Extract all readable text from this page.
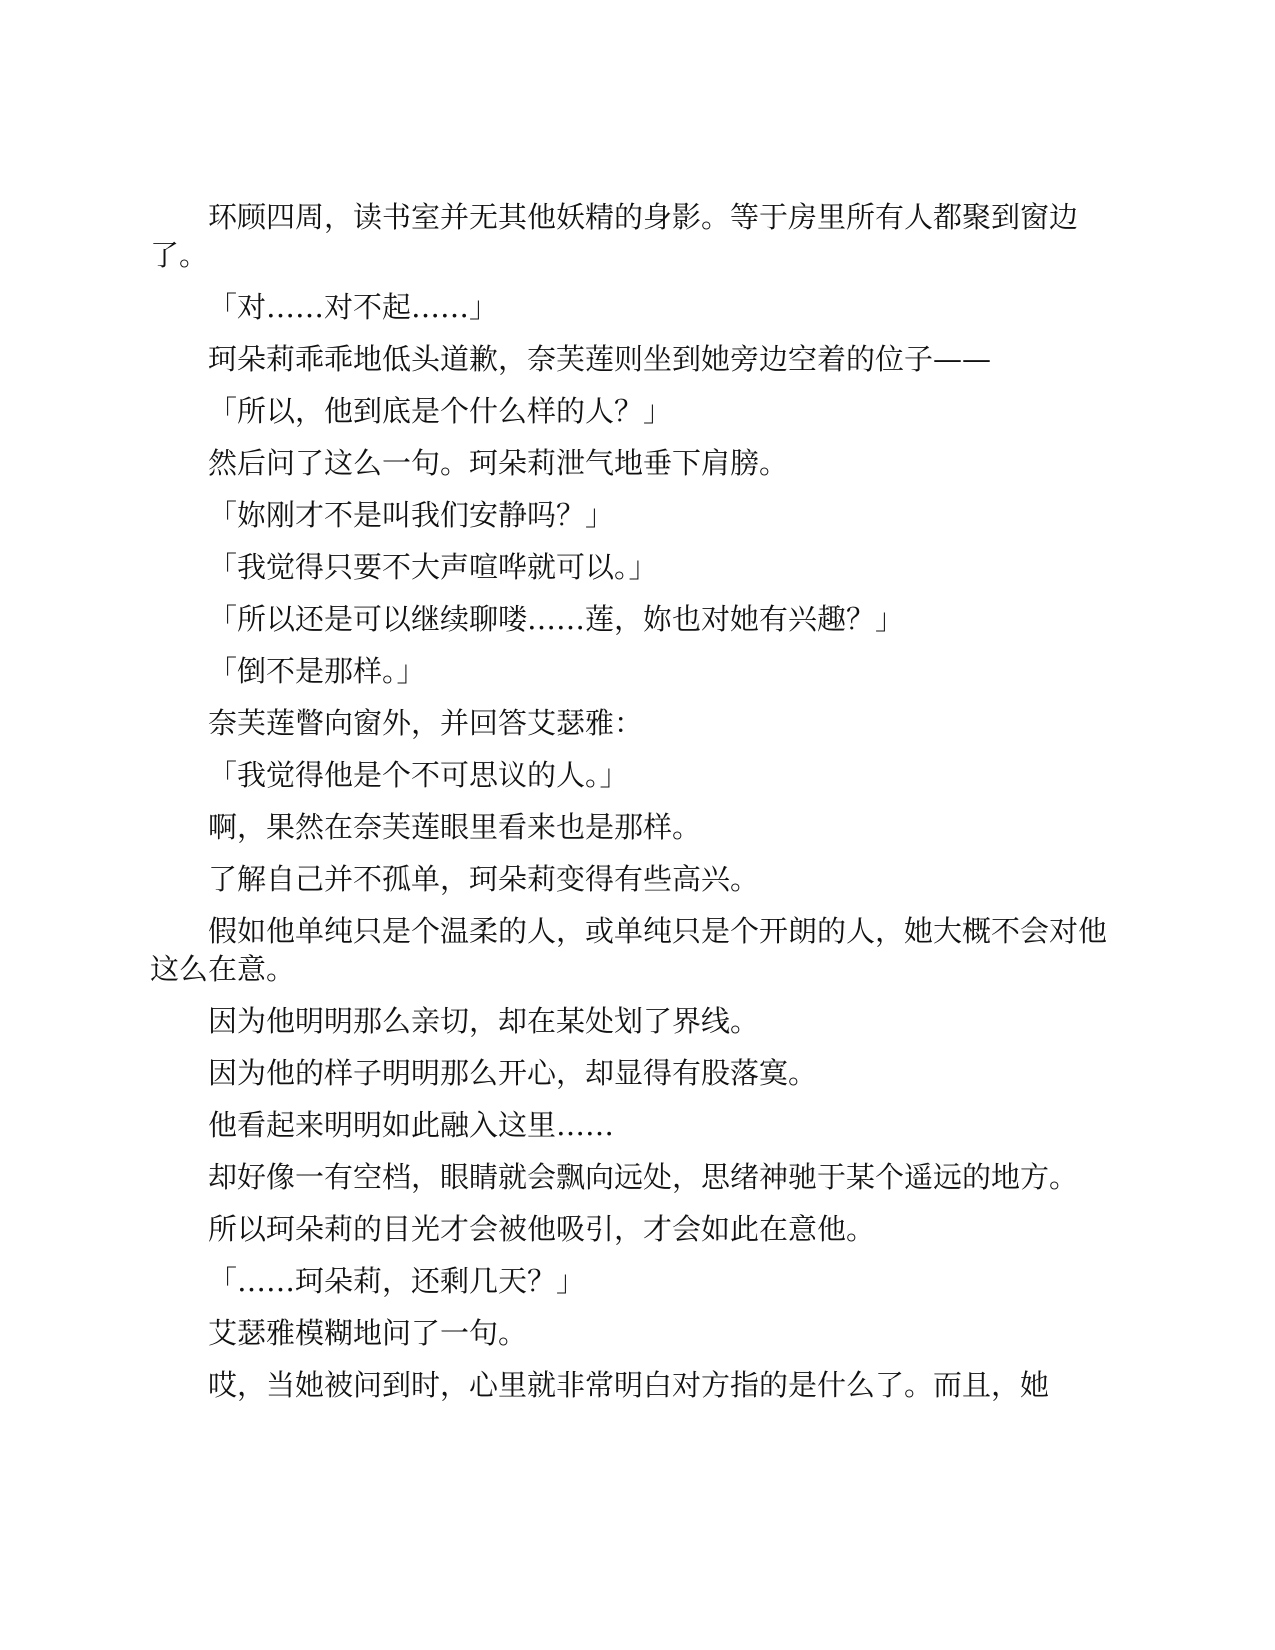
环顾四周，读书室并无其他妖精的身影。等于房里所有人都聚到窗边了。

「对……对不起……」

珂朵莉乖乖地低头道歉，奈芙莲则坐到她旁边空着的位子——

「所以，他到底是个什么样的人？」

然后问了这么一句。珂朵莉泄气地垂下肩膀。

「妳刚才不是叫我们安静吗？」

「我觉得只要不大声喧哗就可以。」

「所以还是可以继续聊喽……莲，妳也对她有兴趣？」

「倒不是那样。」

奈芙莲瞥向窗外，并回答艾瑟雅：

「我觉得他是个不可思议的人。」

啊，果然在奈芙莲眼里看来也是那样。

了解自己并不孤单，珂朵莉变得有些高兴。

假如他单纯只是个温柔的人，或单纯只是个开朗的人，她大概不会对他这么在意。

因为他明明那么亲切，却在某处划了界线。

因为他的样子明明那么开心，却显得有股落寞。

他看起来明明如此融入这里……

却好像一有空档，眼睛就会飘向远处，思绪神驰于某个遥远的地方。

所以珂朵莉的目光才会被他吸引，才会如此在意他。

「……珂朵莉，还剩几天？」

艾瑟雅模糊地问了一句。

哎，当她被问到时，心里就非常明白对方指的是什么了。而且，她
